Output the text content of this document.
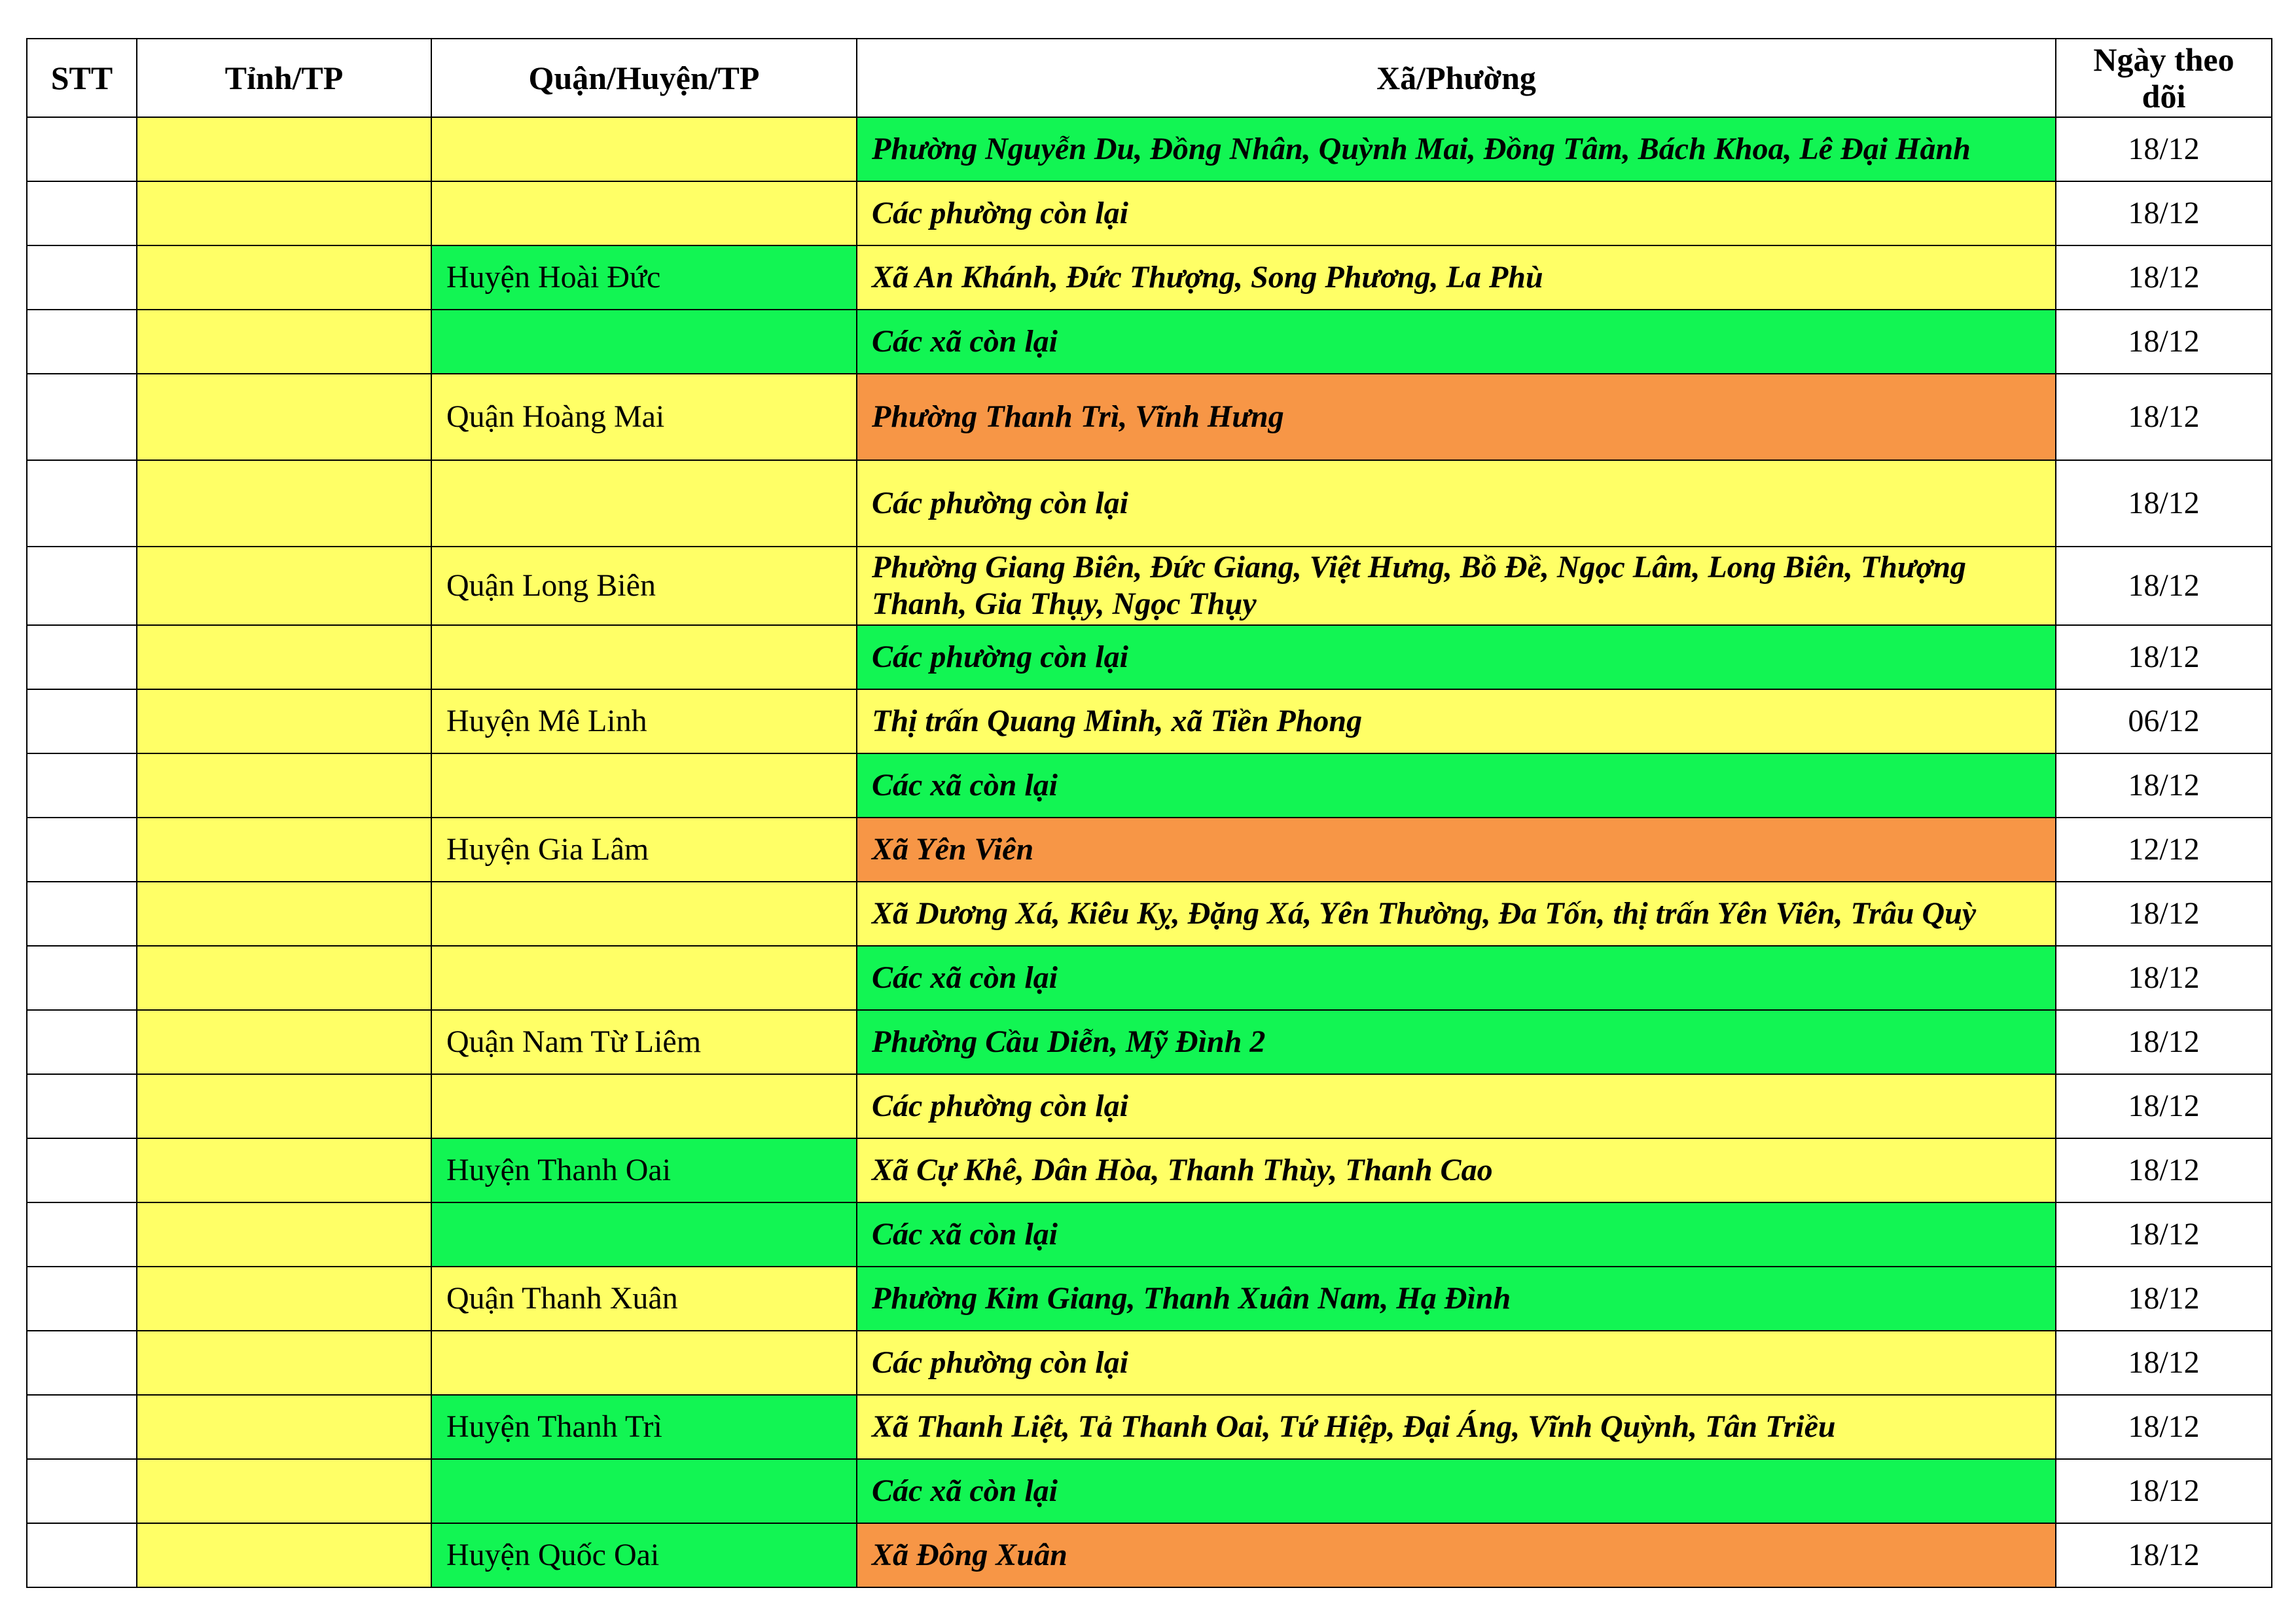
STT	Tỉnh/TP	Quận/Huyện/TP	Xã/Phường	Ngày theo dõi
			Phường Nguyễn Du, Đồng Nhân, Quỳnh Mai, Đồng Tâm, Bách Khoa, Lê Đại Hành	18/12
			Các phường còn lại	18/12
		Huyện Hoài Đức	Xã An Khánh, Đức Thượng, Song Phương, La Phù	18/12
			Các xã còn lại	18/12
		Quận Hoàng Mai	Phường Thanh Trì, Vĩnh Hưng	18/12
			Các phường còn lại	18/12
		Quận Long Biên	Phường Giang Biên, Đức Giang, Việt Hưng, Bồ Đề, Ngọc Lâm, Long Biên, Thượng Thanh, Gia Thụy, Ngọc Thụy	18/12
			Các phường còn lại	18/12
		Huyện Mê Linh	Thị trấn Quang Minh, xã Tiền Phong	06/12
			Các xã còn lại	18/12
		Huyện Gia Lâm	Xã Yên Viên	12/12
			Xã Dương Xá, Kiêu Kỵ, Đặng Xá, Yên Thường, Đa Tốn, thị trấn Yên Viên, Trâu Quỳ	18/12
			Các xã còn lại	18/12
		Quận Nam Từ Liêm	Phường Cầu Diễn, Mỹ Đình 2	18/12
			Các phường còn lại	18/12
		Huyện Thanh Oai	Xã Cự Khê, Dân Hòa, Thanh Thùy, Thanh Cao	18/12
			Các xã còn lại	18/12
		Quận Thanh Xuân	Phường Kim Giang, Thanh Xuân Nam, Hạ Đình	18/12
			Các phường còn lại	18/12
		Huyện Thanh Trì	Xã Thanh Liệt, Tả Thanh Oai, Tứ Hiệp, Đại Áng, Vĩnh Quỳnh, Tân Triều	18/12
			Các xã còn lại	18/12
		Huyện Quốc Oai	Xã Đông Xuân	18/12
